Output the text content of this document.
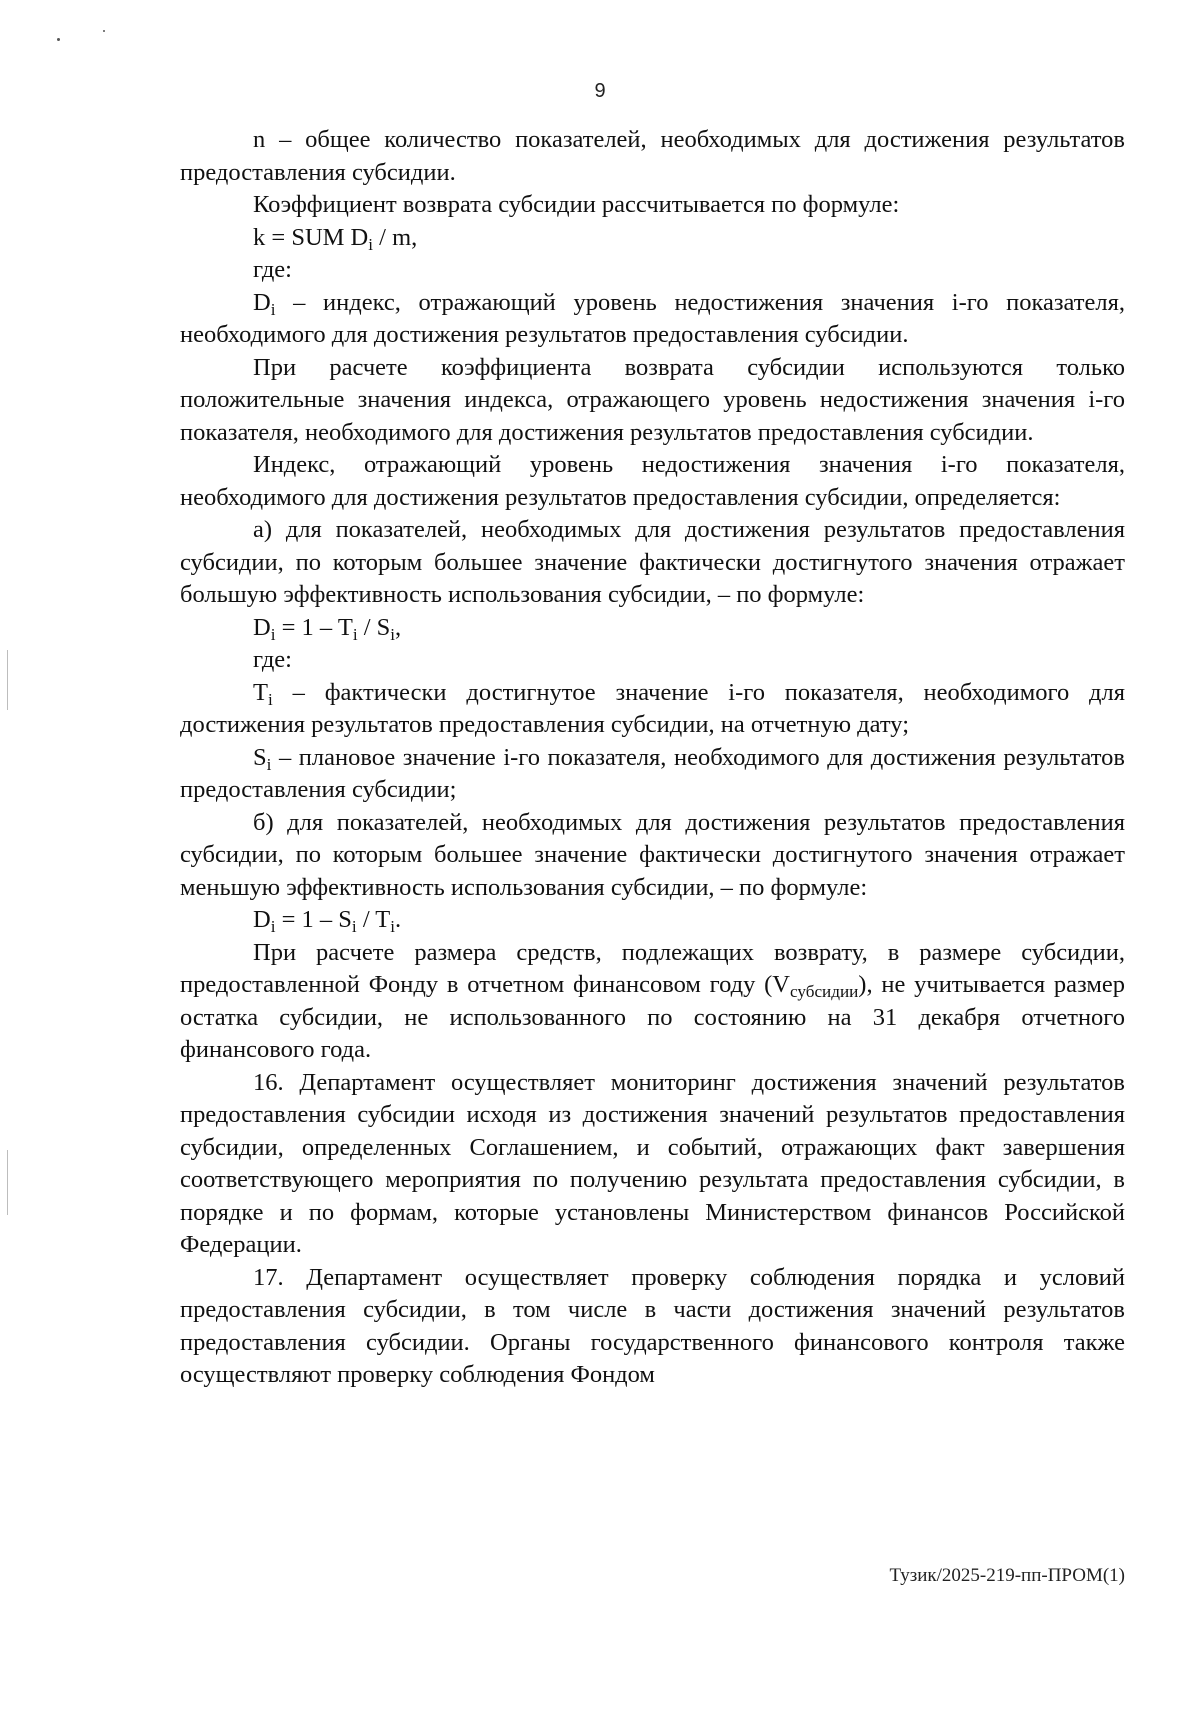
9

n – общее количество показателей, необходимых для достижения результатов предоставления субсидии.

Коэффициент возврата субсидии рассчитывается по формуле:

k = SUM $D_i$ / m,

где:

$D_i$ – индекс, отражающий уровень недостижения значения i-го показателя, необходимого для достижения результатов предоставления субсидии.

При расчете коэффициента возврата субсидии используются только положительные значения индекса, отражающего уровень недостижения значения i-го показателя, необходимого для достижения результатов предоставления субсидии.

Индекс, отражающий уровень недостижения значения i-го показателя, необходимого для достижения результатов предоставления субсидии, определяется:

а) для показателей, необходимых для достижения результатов предоставления субсидии, по которым большее значение фактически достигнутого значения отражает большую эффективность использования субсидии, – по формуле:

$D_i = 1 - T_i / S_i$,

где:

$T_i$ – фактически достигнутое значение i-го показателя, необходимого для достижения результатов предоставления субсидии, на отчетную дату;

$S_i$ – плановое значение i-го показателя, необходимого для достижения результатов предоставления субсидии;

б) для показателей, необходимых для достижения результатов предоставления субсидии, по которым большее значение фактически достигнутого значения отражает меньшую эффективность использования субсидии, – по формуле:

$D_i = 1 - S_i / T_i$.

При расчете размера средств, подлежащих возврату, в размере субсидии, предоставленной Фонду в отчетном финансовом году $(V_{субсидии})$, не учитывается размер остатка субсидии, не использованного по состоянию на 31 декабря отчетного финансового года.

16. Департамент осуществляет мониторинг достижения значений результатов предоставления субсидии исходя из достижения значений результатов предоставления субсидии, определенных Соглашением, и событий, отражающих факт завершения соответствующего мероприятия по получению результата предоставления субсидии, в порядке и по формам, которые установлены Министерством финансов Российской Федерации.

17. Департамент осуществляет проверку соблюдения порядка и условий предоставления субсидии, в том числе в части достижения значений результатов предоставления субсидии. Органы государственного финансового контроля также осуществляют проверку соблюдения Фондом

Тузик/2025-219-пп-ПРОМ(1)
